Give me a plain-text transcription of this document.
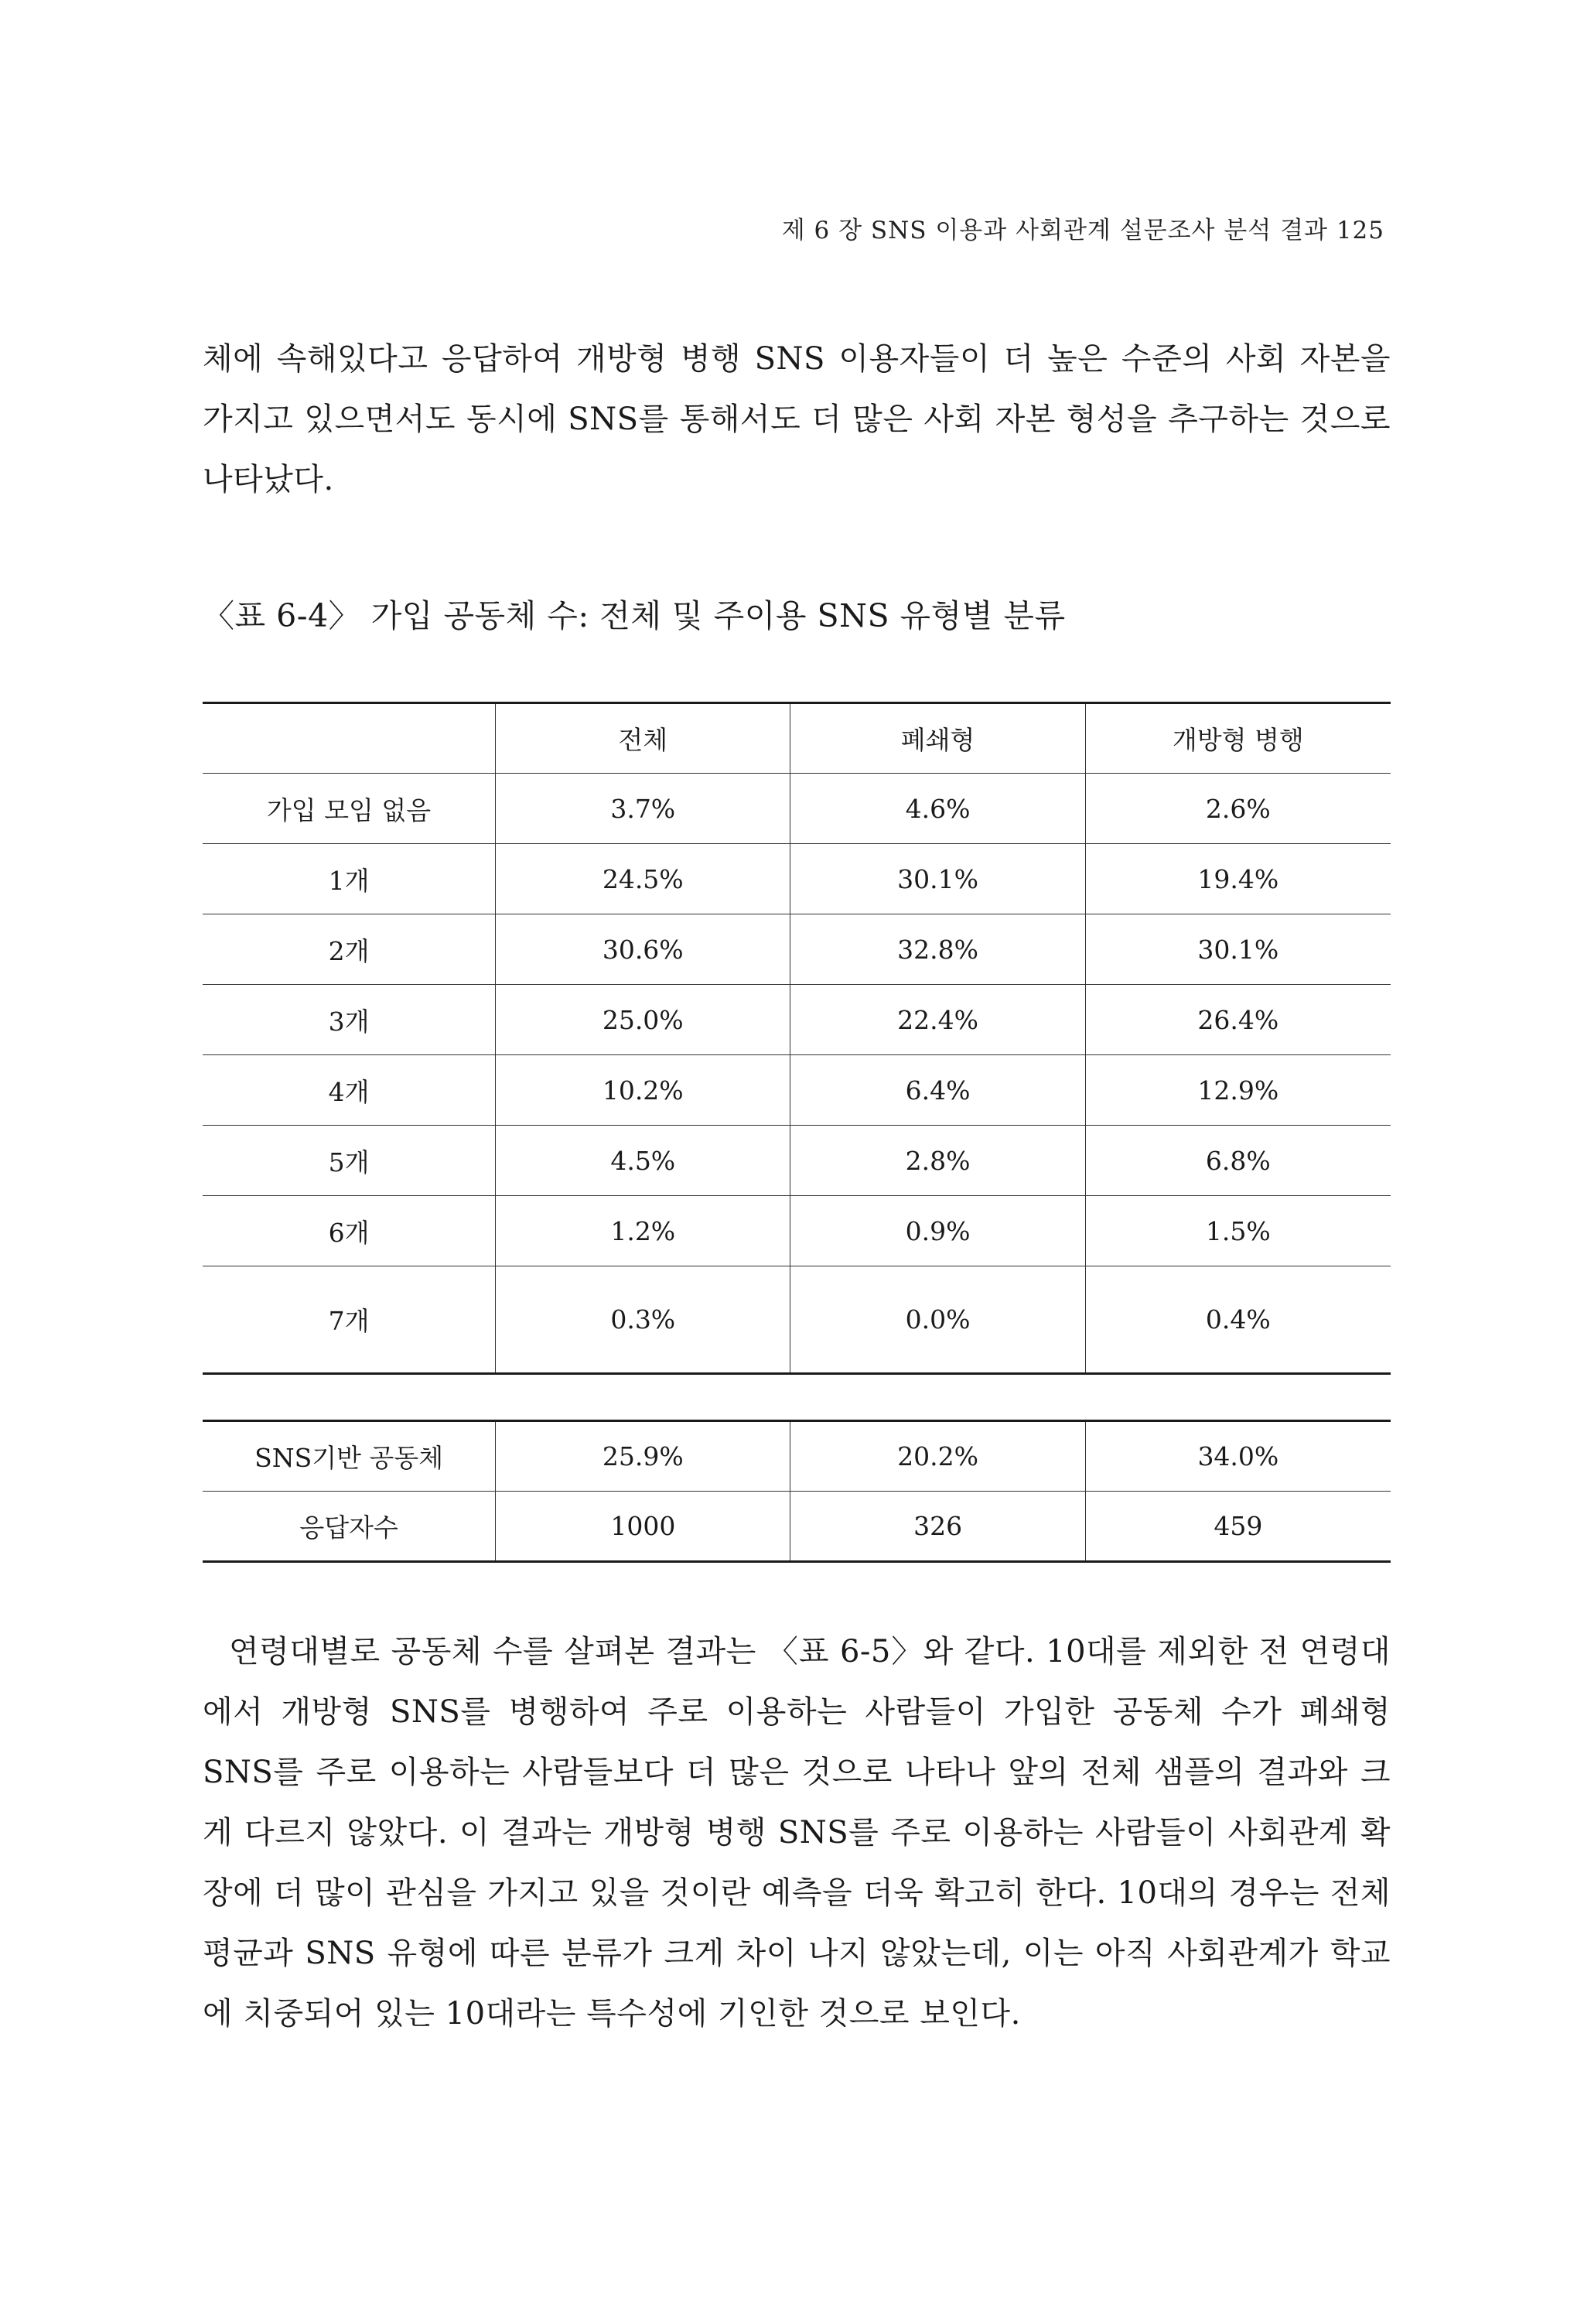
제 6 장 SNS 이용과 사회관계 설문조사 분석 결과 125

체에 속해있다고 응답하여 개방형 병행 SNS 이용자들이 더 높은 수준의 사회 자본을 가지고 있으면서도 동시에 SNS를 통해서도 더 많은 사회 자본 형성을 추구하는 것으로 나타났다.

〈표 6-4〉 가입 공동체 수: 전체 및 주이용 SNS 유형별 분류
	전체	폐쇄형	개방형 병행
가입 모임 없음	3.7%	4.6%	2.6%
1개	24.5%	30.1%	19.4%
2개	30.6%	32.8%	30.1%
3개	25.0%	22.4%	26.4%
4개	10.2%	6.4%	12.9%
5개	4.5%	2.8%	6.8%
6개	1.2%	0.9%	1.5%
7개	0.3%	0.0%	0.4%
SNS기반 공동체	25.9%	20.2%	34.0%
응답자수	1000	326	459

연령대별로 공동체 수를 살펴본 결과는 〈표 6-5〉와 같다. 10대를 제외한 전 연령대에서 개방형 SNS를 병행하여 주로 이용하는 사람들이 가입한 공동체 수가 폐쇄형 SNS를 주로 이용하는 사람들보다 더 많은 것으로 나타나 앞의 전체 샘플의 결과와 크게 다르지 않았다. 이 결과는 개방형 병행 SNS를 주로 이용하는 사람들이 사회관계 확장에 더 많이 관심을 가지고 있을 것이란 예측을 더욱 확고히 한다. 10대의 경우는 전체 평균과 SNS 유형에 따른 분류가 크게 차이 나지 않았는데, 이는 아직 사회관계가 학교에 치중되어 있는 10대라는 특수성에 기인한 것으로 보인다.
